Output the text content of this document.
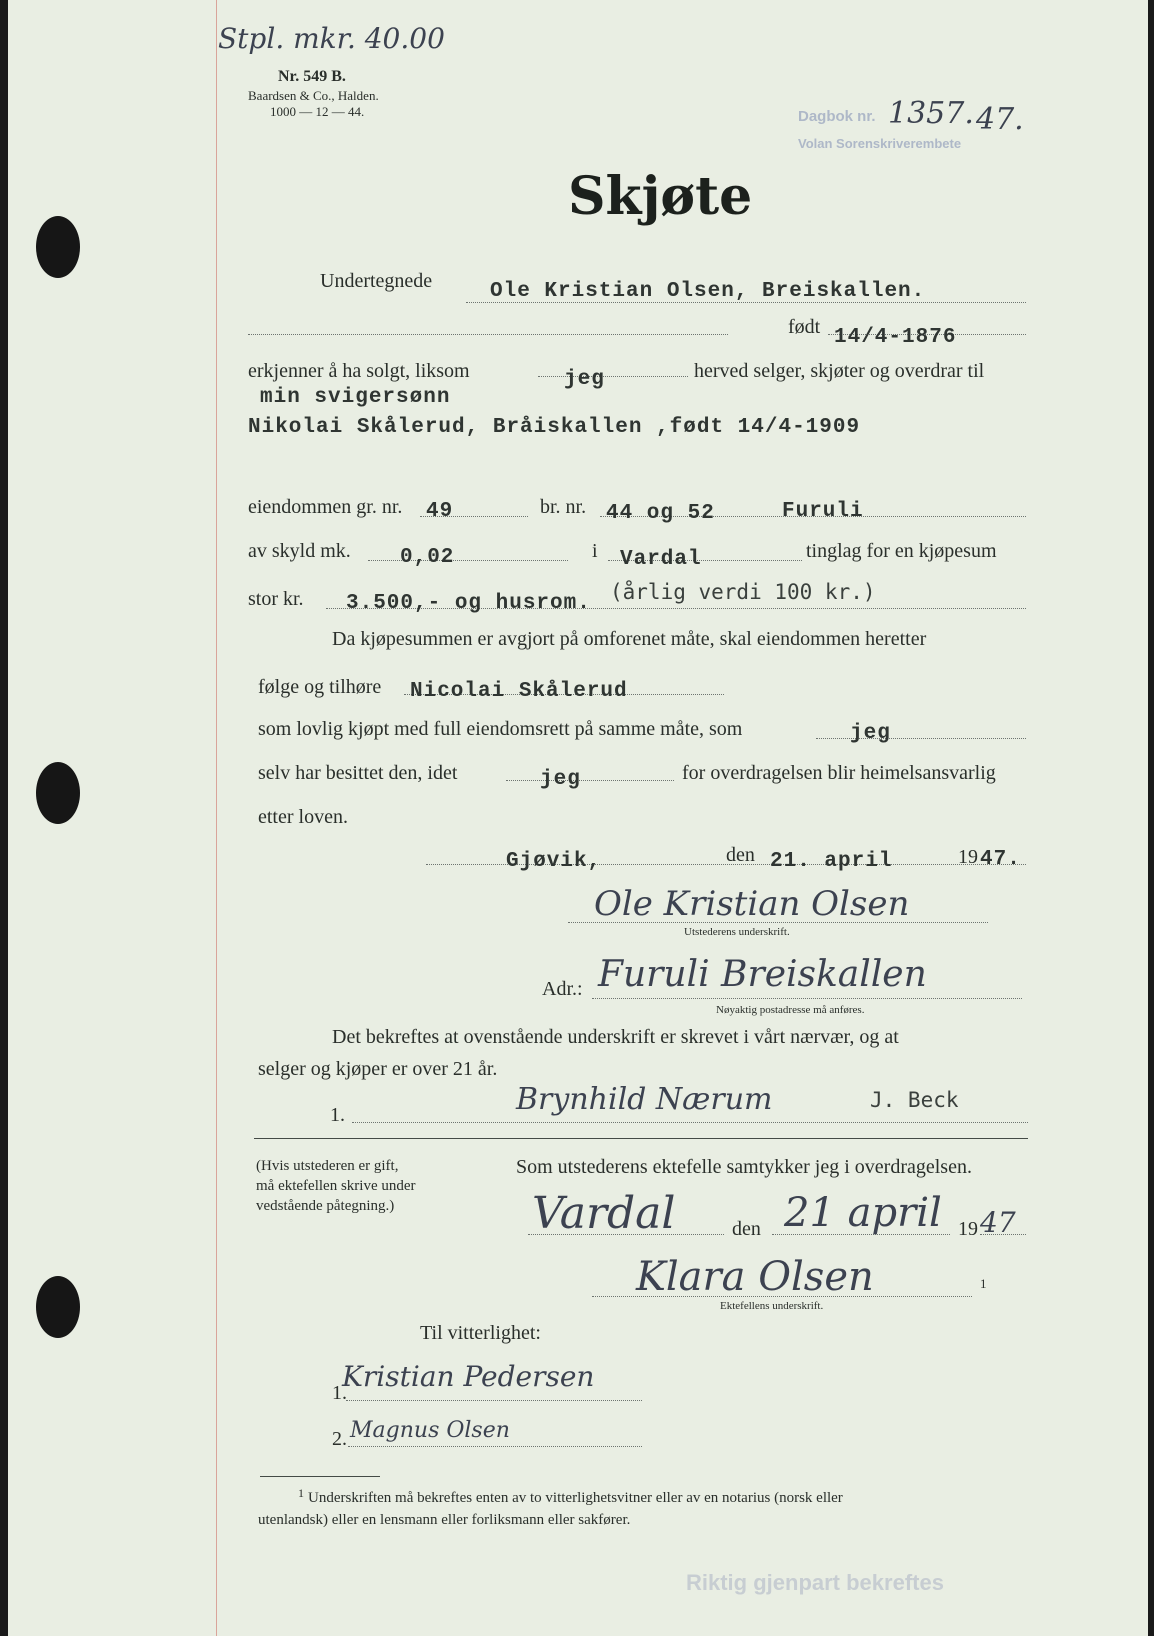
Stpl. mkr. 40.00
Nr. 549 B.
Baardsen & Co., Halden.
1000 — 12 — 44.	Dagbok nr. 1357. 47.
Volan Sorenskriverembete
Skjøte
Undertegnede	Ole Kristian Olsen, Breiskallen.
født 14/4-1876
erkjenner å ha solgt, liksom	jeg	herved selger, skjøter og overdrar til
min svigersønn
Nikolai Skålerud, Bråiskallen ,født 14/4-1909
eiendommen gr. nr. 49	br. nr. 44 og 52	Furuli
av skyld mk. 0,02	i Vardal	tinglag for en kjøpesum
stor kr. 3.500,- og husrom. (årlig verdi 100 kr.)
Da kjøpesummen er avgjort på omforenet måte, skal eiendommen heretter
følge og tilhøre Nicolai Skålerud
som lovlig kjøpt med full eiendomsrett på samme måte, som	jeg
selv har besittet den, idet	jeg	for overdragelsen blir heimelsansvarlig
etter loven.
Gjøvik,	den 21. april	19 47.
Ole Kristian Olsen
Utstederens underskrift.
Adr.: Furuli Breiskallen
Nøyaktig postadresse må anføres.
Det bekreftes at ovenstående underskrift er skrevet i vårt nærvær, og at
selger og kjøper er over 21 år.
1.	Brynhild Nærum	J. Beck
(Hvis utstederen er gift,
må ektefellen skrive under
vedstående påtegning.)
Som utstederens ektefelle samtykker jeg i overdragelsen.
Vardal	den 21 april 19 47
Klara Olsen	1
Ektefellens underskrift.
Til vitterlighet:
1.
Kristian Pedersen
2. Magnus Olsen
1 Underskriften må bekreftes enten av to vitterlighetsvitner eller av en notarius (norsk eller
utenlandsk) eller en lensmann eller forliksmann eller sakfører.
Riktig gjenpart bekreftes
